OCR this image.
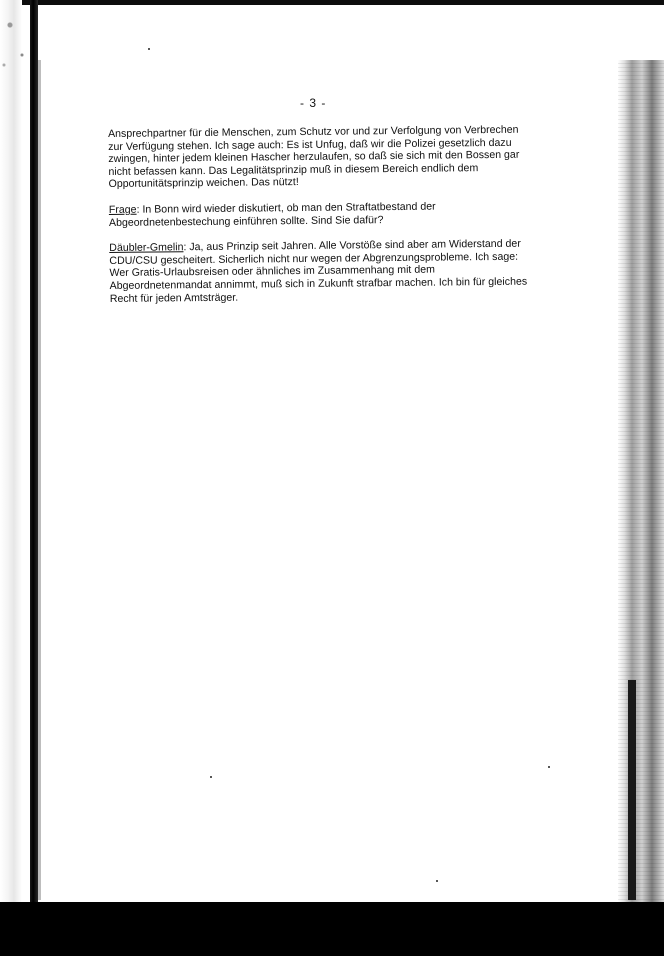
- 3 -

Ansprechpartner für die Menschen, zum Schutz vor und zur Verfolgung von Verbrechen zur Verfügung stehen. Ich sage auch: Es ist Unfug, daß wir die Polizei gesetzlich dazu zwingen, hinter jedem kleinen Hascher herzulaufen, so daß sie sich mit den Bossen gar nicht befassen kann. Das Legalitätsprinzip muß in diesem Bereich endlich dem Opportunitätsprinzip weichen. Das nützt!

Frage: In Bonn wird wieder diskutiert, ob man den Straftatbestand der Abgeordnetenbestechung einführen sollte. Sind Sie dafür?

Däubler-Gmelin: Ja, aus Prinzip seit Jahren. Alle Vorstöße sind aber am Widerstand der CDU/CSU gescheitert. Sicherlich nicht nur wegen der Abgrenzungsprobleme. Ich sage: Wer Gratis-Urlaubsreisen oder ähnliches im Zusammenhang mit dem Abgeordnetenmandat annimmt, muß sich in Zukunft strafbar machen. Ich bin für gleiches Recht für jeden Amtsträger.
